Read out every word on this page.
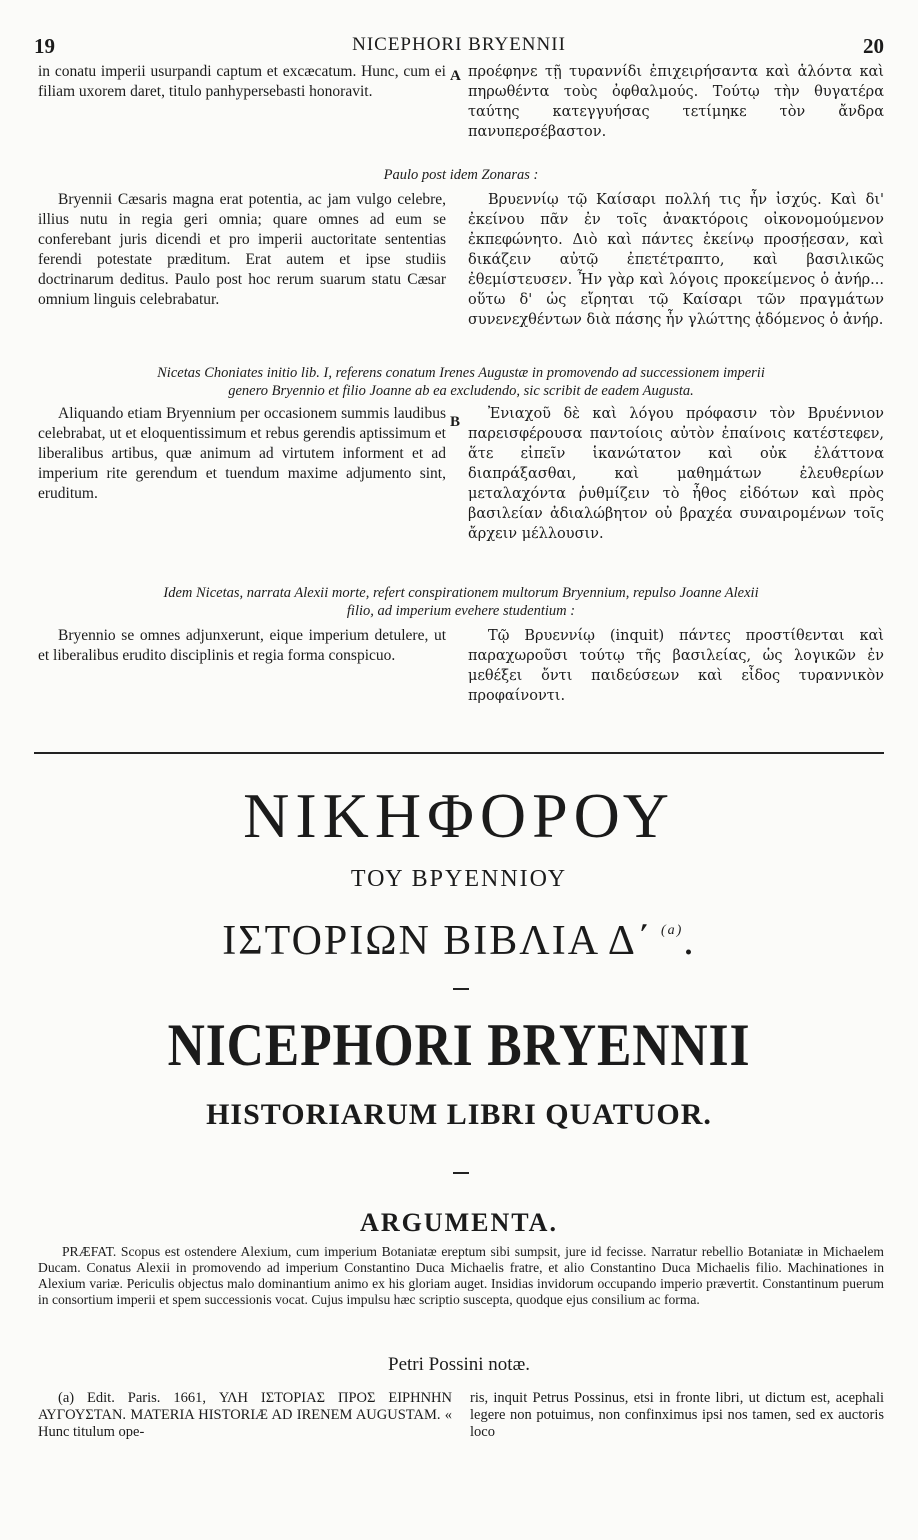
19	NICEPHORI BRYENNII	20

in conatu imperii usurpandi captum et excæcatum. Hunc, cum ei filiam uxorem daret, titulo panhypersebasti honoravit.

A προέφηνε τῇ τυραννίδι ἐπιχειρήσαντα καὶ ἁλόντα καὶ πηρωθέντα τοὺς ὀφθαλμούς. Τούτῳ τὴν θυγατέρα ταύτης κατεγγυήσας τετίμηκε τὸν ἄνδρα πανυπερσέβαστον.

Paulo post idem Zonaras :

Bryennii Cæsaris magna erat potentia, ac jam vulgo celebre, illius nutu in regia geri omnia; quare omnes ad eum se conferebant juris dicendi et pro imperii auctoritate sententias ferendi potestate præditum. Erat autem et ipse studiis doctrinarum deditus. Paulo post hoc rerum suarum statu Cæsar omnium linguis celebrabatur.

Βρυεννίῳ τῷ Καίσαρι πολλή τις ἦν ἰσχύς. Καὶ δι' ἐκείνου πᾶν ἐν τοῖς ἀνακτόροις οἰκονομούμενον ἐκπεφώνητο. Διὸ καὶ πάντες ἐκείνῳ προσῄεσαν, καὶ δικάζειν αὐτῷ ἐπετέτραπτο, καὶ βασιλικῶς ἐθεμίστευσεν. Ἦν γὰρ καὶ λόγοις προκείμενος ὁ ἀνήρ... οὕτω δ' ὡς εἴρηται τῷ Καίσαρι τῶν πραγμάτων συνενεχθέντων διὰ πάσης ἦν γλώττης ᾀδόμενος ὁ ἀνήρ.

Nicetas Choniates initio lib. I, referens conatum Irenes Augustæ in promovendo ad successionem imperii
genero Bryennio et filio Joanne ab ea excludendo, sic scribit de eadem Augusta.

Aliquando etiam Bryennium per occasionem summis laudibus celebrabat, ut et eloquentissimum et rebus gerendis aptissimum et liberalibus artibus, quæ animum ad virtutem informent et ad imperium rite gerendum et tuendum maxime adjumento sint, eruditum.

B	Ἐνιαχοῦ δὲ καὶ λόγου πρόφασιν τὸν Βρυέννιον παρεισφέρουσα παντοίοις αὐτὸν ἐπαίνοις κατέστεφεν, ἅτε εἰπεῖν ἱκανώτατον καὶ οὐκ ἐλάττονα διαπράξασθαι, καὶ μαθημάτων ἐλευθερίων μεταλαχόντα ῥυθμίζειν τὸ ἦθος εἰδότων καὶ πρὸς βασιλείαν ἀδιαλώβητον οὐ βραχέα συναιρομένων τοῖς ἄρχειν μέλλουσιν.

Idem Nicetas, narrata Alexii morte, refert conspirationem multorum Bryennium, repulso Joanne Alexii
filio, ad imperium evehere studentium :

Bryennio se omnes adjunxerunt, eique imperium detulere, ut et liberalibus erudito disciplinis et regia forma conspicuo.

Τῷ Βρυεννίῳ (inquit) πάντες προστίθενται καὶ παραχωροῦσι τούτῳ τῆς βασιλείας, ὡς λογικῶν ἐν μεθέξει ὄντι παιδεύσεων καὶ εἶδος τυραννικὸν προφαίνοντι.

ΝΙΚΗΦΟΡΟΥ
ΤΟΥ ΒΡΥΕΝΝΙΟΥ
ΙΣΤΟΡΙΩΝ ΒΙΒΛΙΑ Δ΄ $^{(a)}$.
NICEPHORI BRYENNII
HISTORIARUM LIBRI QUATUOR.
ARGUMENTA.
PRÆFAT. Scopus est ostendere Alexium, cum imperium Botaniatæ ereptum sibi sumpsit, jure id fecisse. Narratur rebellio Botaniatæ in Michaelem Ducam. Conatus Alexii in promovendo ad imperium Constantino Duca Michaelis fratre, et alio Constantino Duca Michaelis filio. Machinationes in Alexium variæ. Periculis objectus malo dominantium animo ex his gloriam auget. Insidias invidorum occupando imperio prævertit. Constantinum puerum in consortium imperii et spem successionis vocat. Cujus impulsu hæc scriptio suscepta, quodque ejus consilium ac forma.
Petri Possini notæ.

(a) Edit. Paris. 1661, ΥΛΗ ΙΣΤΟΡΙΑΣ ΠΡΟΣ ΕΙΡΗΝΗΝ ΑΥΓΟΥΣΤΑΝ. MATERIA HISTORIÆ AD IRENEM AUGUSTAM. « Hunc titulum ope-

ris, inquit Petrus Possinus, etsi in fronte libri, ut dictum est, acephali legere non potuimus, non confinximus ipsi nos tamen, sed ex auctoris loco
